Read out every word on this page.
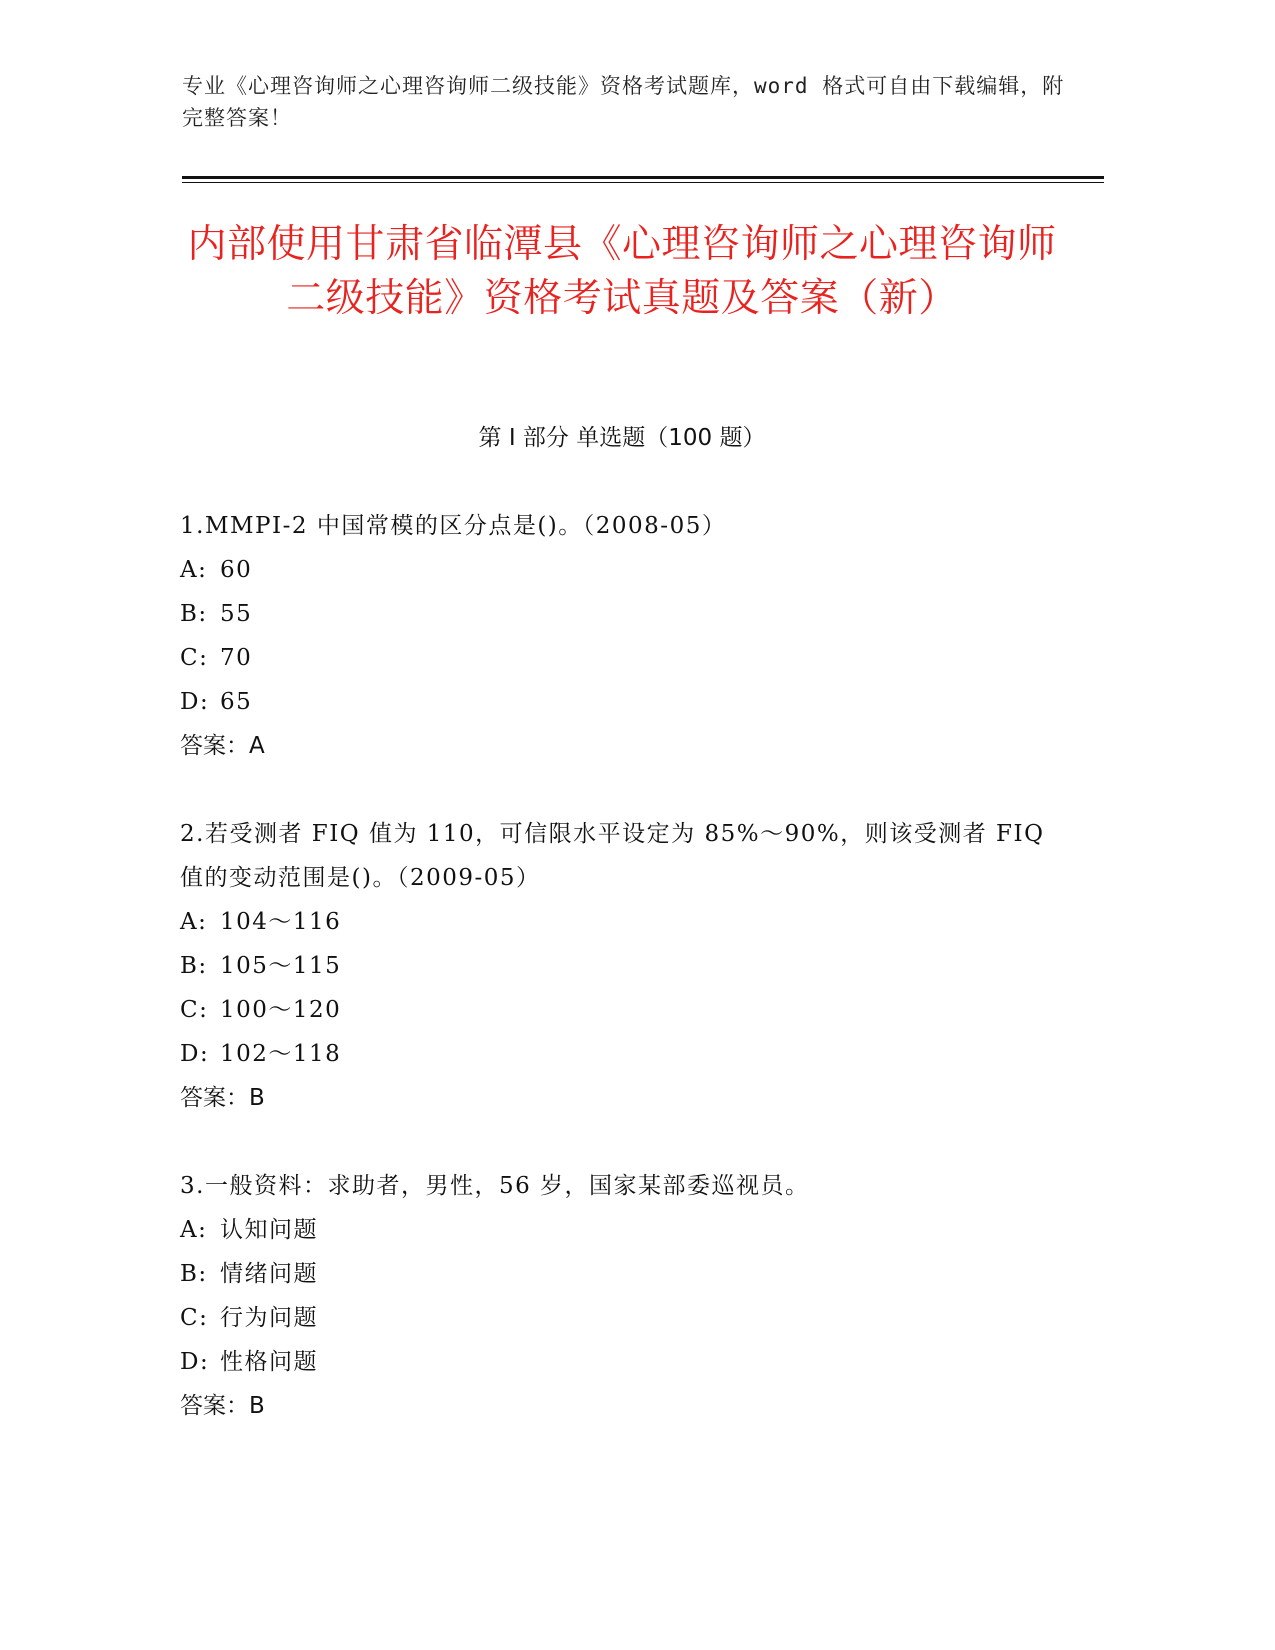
专业《心理咨询师之心理咨询师二级技能》资格考试题库，word 格式可自由下载编辑，附完整答案！
内部使用甘肃省临潭县《心理咨询师之心理咨询师二级技能》资格考试真题及答案（新）
第 I 部分 单选题（100 题）

1.MMPI-2 中国常模的区分点是()。（2008-05）

A: 60

B: 55

C: 70

D: 65

答案：A

2.若受测者 FIQ 值为 110，可信限水平设定为 85%～90%，则该受测者 FIQ 值的变动范围是()。（2009-05）

A: 104～116

B: 105～115

C: 100～120

D: 102～118

答案：B

3.一般资料：求助者，男性，56 岁，国家某部委巡视员。

A: 认知问题

B: 情绪问题

C: 行为问题

D: 性格问题

答案：B
